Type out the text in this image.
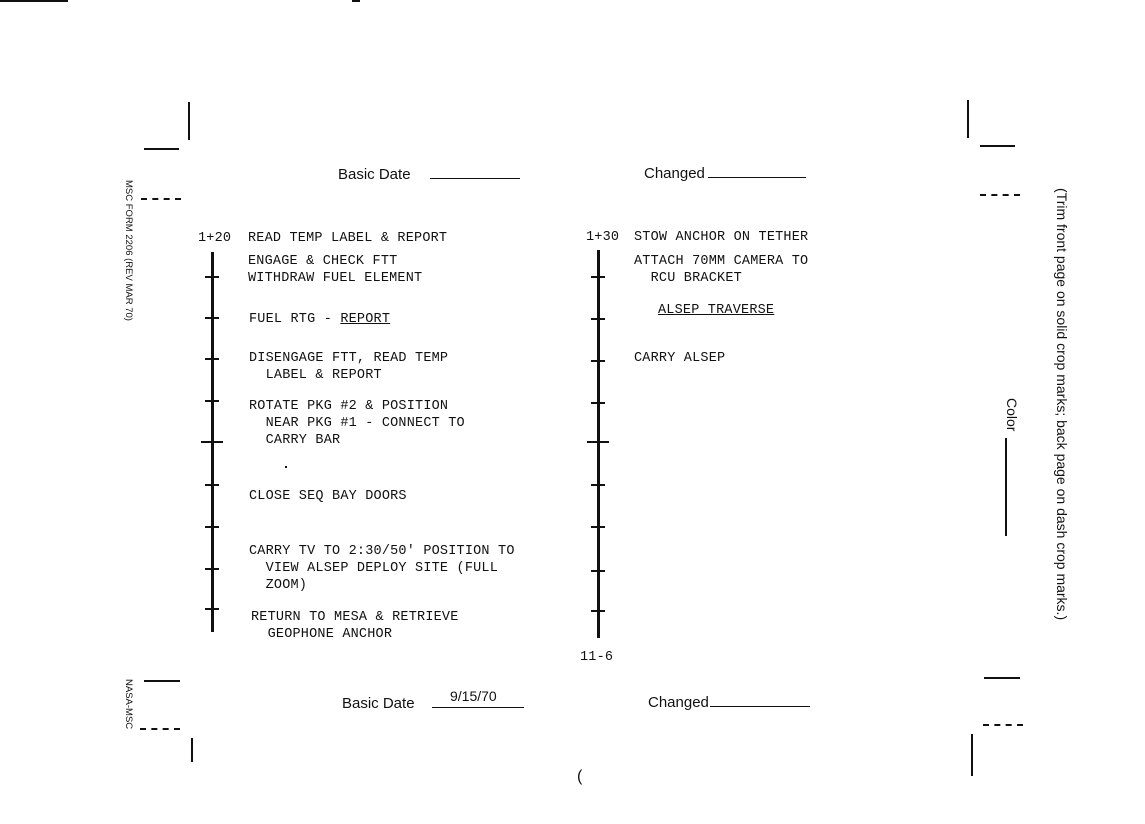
Basic Date	Changed
1+20 READ TEMP LABEL & REPORT
ENGAGE & CHECK FTT
WITHDRAW FUEL ELEMENT
FUEL RTG - REPORT
DISENGAGE FTT, READ TEMP
LABEL & REPORT
ROTATE PKG #2 & POSITION
NEAR PKG #1 - CONNECT TO
CARRY BAR
CLOSE SEQ BAY DOORS
CARRY TV TO 2:30/50' POSITION TO
VIEW ALSEP DEPLOY SITE (FULL
ZOOM)
RETURN TO MESA & RETRIEVE
GEOPHONE ANCHOR
1+30 STOW ANCHOR ON TETHER
ATTACH 70MM CAMERA TO
RCU BRACKET
ALSEP TRAVERSE
CARRY ALSEP
11-6
Basic Date	9/15/70	Changed
MSC FORM 2206 (REV MAR 70)
NASA-MSC
(Trim front page on solid crop marks; back page on dash crop marks.)
Color
(
